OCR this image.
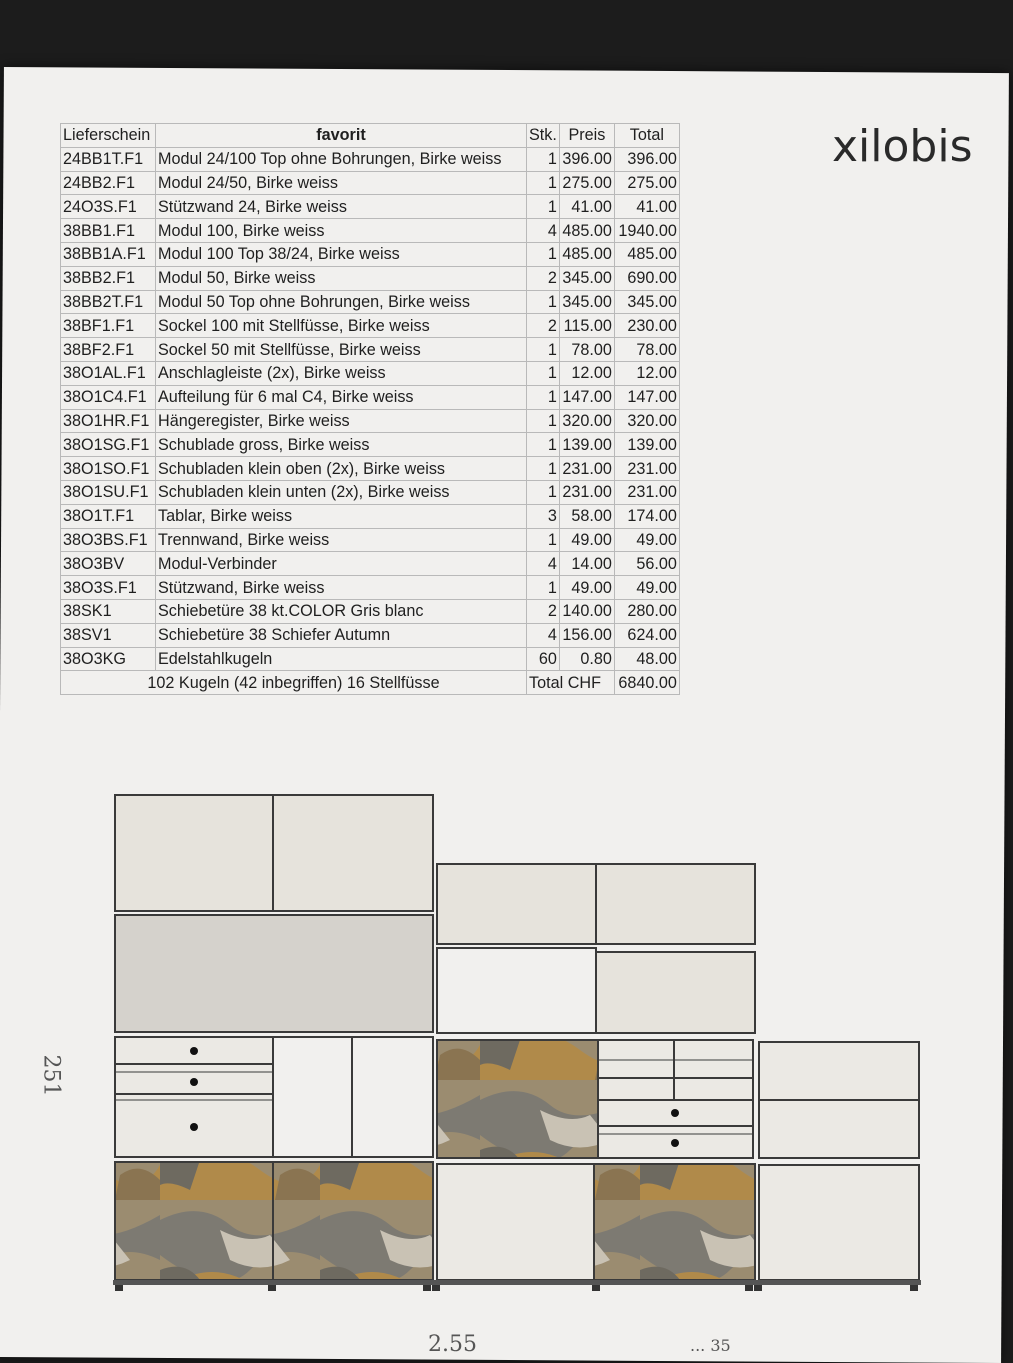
xilobis
Lieferschein	favorit	Stk.	Preis	Total
24BB1T.F1	Modul 24/100 Top ohne Bohrungen, Birke weiss	1	396.00	396.00
24BB2.F1	Modul 24/50, Birke weiss	1	275.00	275.00
24O3S.F1	Stützwand 24, Birke weiss	1	41.00	41.00
38BB1.F1	Modul 100, Birke weiss	4	485.00	1940.00
38BB1A.F1	Modul 100 Top 38/24, Birke weiss	1	485.00	485.00
38BB2.F1	Modul 50, Birke weiss	2	345.00	690.00
38BB2T.F1	Modul 50 Top ohne Bohrungen, Birke weiss	1	345.00	345.00
38BF1.F1	Sockel 100 mit Stellfüsse, Birke weiss	2	115.00	230.00
38BF2.F1	Sockel 50 mit Stellfüsse, Birke weiss	1	78.00	78.00
38O1AL.F1	Anschlagleiste (2x), Birke weiss	1	12.00	12.00
38O1C4.F1	Aufteilung für 6 mal C4, Birke weiss	1	147.00	147.00
38O1HR.F1	Hängeregister, Birke weiss	1	320.00	320.00
38O1SG.F1	Schublade gross, Birke weiss	1	139.00	139.00
38O1SO.F1	Schubladen klein oben (2x), Birke weiss	1	231.00	231.00
38O1SU.F1	Schubladen klein unten (2x), Birke weiss	1	231.00	231.00
38O1T.F1	Tablar, Birke weiss	3	58.00	174.00
38O3BS.F1	Trennwand, Birke weiss	1	49.00	49.00
38O3BV	Modul-Verbinder	4	14.00	56.00
38O3S.F1	Stützwand, Birke weiss	1	49.00	49.00
38SK1	Schiebetüre 38 kt.COLOR Gris blanc	2	140.00	280.00
38SV1	Schiebetüre 38 Schiefer Autumn	4	156.00	624.00
38O3KG	Edelstahlkugeln	60	0.80	48.00
102 Kugeln (42 inbegriffen) 16 Stellfüsse		Total CHF		6840.00
251
2.55	... 35
